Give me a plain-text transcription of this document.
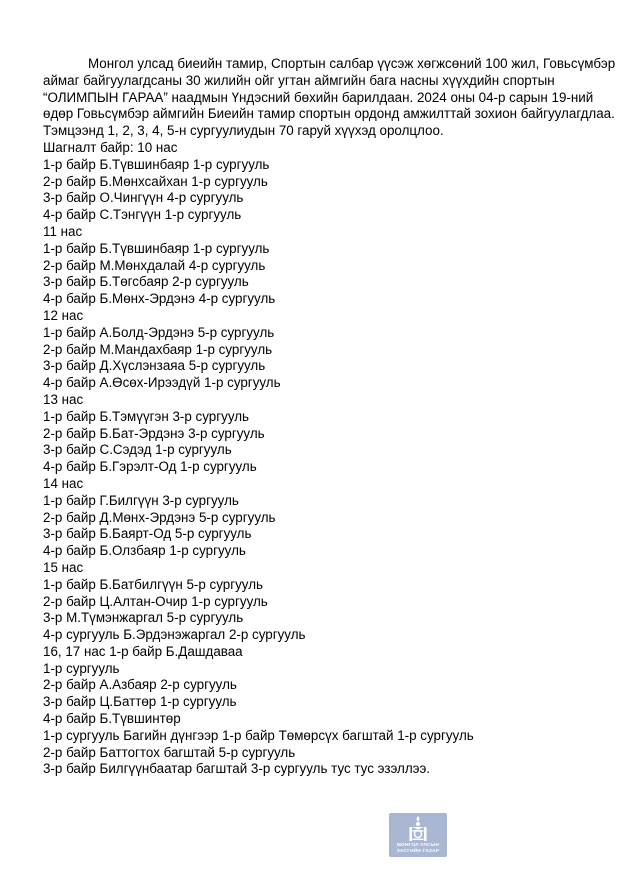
Монгол улсад биеийн тамир, Спортын салбар үүсэж хөгжсөний 100 жил, Говьсүмбэр аймаг байгуулагдсаны 30 жилийн ойг угтан аймгийн бага насны хүүхдийн спортын “ОЛИМПЫН ГАРАА” наадмын Үндэсний бөхийн барилдаан. 2024 оны 04-р сарын 19-ний өдөр Говьсүмбэр аймгийн Биеийн тамир спортын ордонд амжилттай зохион байгуулагдлаа. Тэмцээнд 1, 2, 3, 4, 5-н сургуулиудын 70 гаруй хүүхэд оролцлоо.

Шагналт байр: 10 нас
1-р байр Б.Түвшинбаяр 1-р сургууль
2-р байр Б.Мөнхсайхан 1-р сургууль
3-р байр О.Чингүүн 4-р сургууль
4-р байр С.Тэнгүүн 1-р сургууль
11 нас
1-р байр Б.Түвшинбаяр 1-р сургууль
2-р байр М.Мөнхдалай 4-р сургууль
3-р байр Б.Төгсбаяр 2-р сургууль
4-р байр Б.Мөнх-Эрдэнэ 4-р сургууль
12 нас
1-р байр А.Болд-Эрдэнэ 5-р сургууль
2-р байр М.Мандахбаяр 1-р сургууль
3-р байр Д.Хүслэнзаяа 5-р сургууль
4-р байр А.Өсөх-Ирээдүй 1-р сургууль
13 нас
1-р байр Б.Тэмүүгэн 3-р сургууль
2-р байр Б.Бат-Эрдэнэ 3-р сургууль
3-р байр С.Сэдэд 1-р сургууль
4-р байр Б.Гэрэлт-Од 1-р сургууль
14 нас
1-р байр Г.Билгүүн 3-р сургууль
2-р байр Д.Мөнх-Эрдэнэ 5-р сургууль
3-р байр Б.Баярт-Од 5-р сургууль
4-р байр Б.Олзбаяр 1-р сургууль
15 нас
1-р байр Б.Батбилгүүн 5-р сургууль
2-р байр Ц.Алтан-Очир 1-р сургууль
3-р М.Түмэнжаргал 5-р сургууль
4-р сургууль Б.Эрдэнэжаргал 2-р сургууль
16, 17 нас 1-р байр Б.Дашдаваа
1-р сургууль
2-р байр А.Азбаяр 2-р сургууль
3-р байр Ц.Баттөр 1-р сургууль
4-р байр Б.Түвшинтөр
1-р сургууль Багийн дүнгээр 1-р байр Төмөрсүх багштай 1-р сургууль
2-р байр Баттогтох багштай 5-р сургууль
3-р байр Билгүүнбаатар багштай 3-р сургууль тус тус эзэллээ.
МОНГОЛ УЛСЫН
ЗАСГИЙН ГАЗАР
